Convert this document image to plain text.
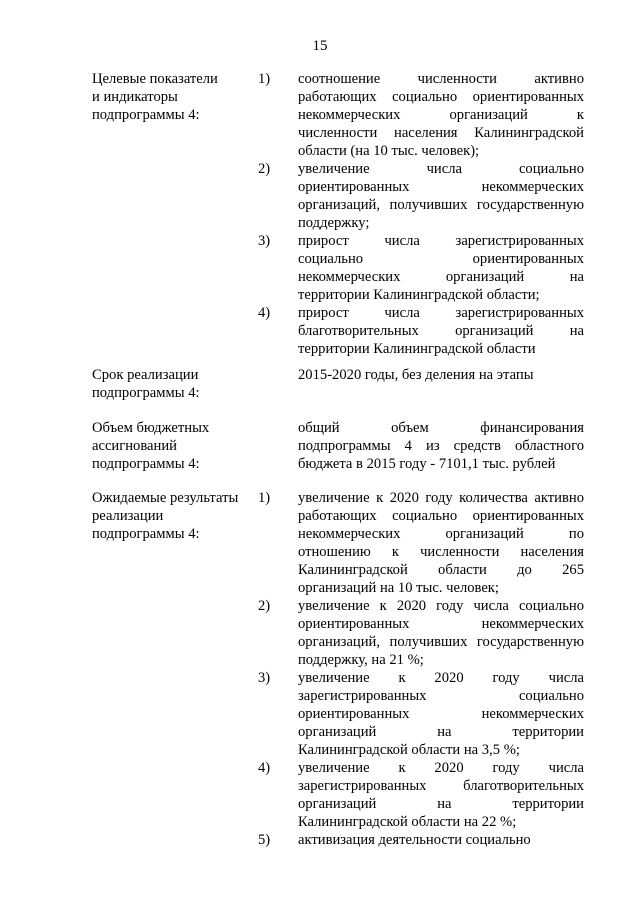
15
Целевые показатели
и индикаторы
подпрограммы 4:
1)	соотношение численности активно
работающих социально ориентированных
некоммерческих организаций к
численности населения Калининградской
области (на 10 тыс. человек);
2)	увеличение числа социально
ориентированных некоммерческих
организаций, получивших государственную
поддержку;
3)	прирост числа зарегистрированных
социально ориентированных
некоммерческих организаций на
территории Калининградской области;
4)	прирост числа зарегистрированных
благотворительных организаций на
территории Калининградской области
Срок реализации
подпрограммы 4:
2015-2020 годы, без деления на этапы
Объем бюджетных
ассигнований
подпрограммы 4:
общий объем финансирования
подпрограммы 4 из средств областного
бюджета в 2015 году - 7101,1 тыс. рублей
Ожидаемые результаты
реализации
подпрограммы 4:
1)	увеличение к 2020 году количества активно
работающих социально ориентированных
некоммерческих организаций по
отношению к численности населения
Калининградской области до 265
организаций на 10 тыс. человек;
2)	увеличение к 2020 году числа социально
ориентированных некоммерческих
организаций, получивших государственную
поддержку, на 21 %;
3)	увеличение к 2020 году числа
зарегистрированных социально
ориентированных некоммерческих
организаций на территории
Калининградской области на 3,5 %;
4)	увеличение к 2020 году числа
зарегистрированных благотворительных
организаций на территории
Калининградской области на 22 %;
5)	активизация деятельности социально
